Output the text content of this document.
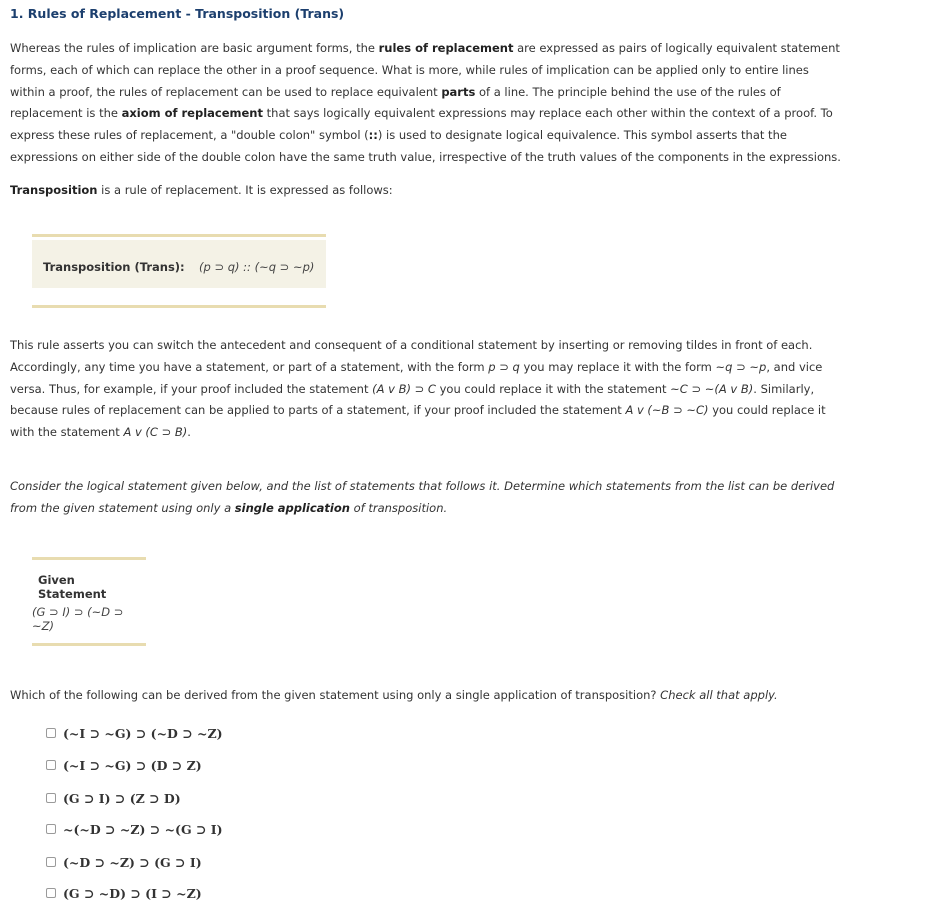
1. Rules of Replacement - Transposition (Trans)

Whereas the rules of implication are basic argument forms, the rules of replacement are expressed as pairs of logically equivalent statement forms, each of which can replace the other in a proof sequence. What is more, while rules of implication can be applied only to entire lines within a proof, the rules of replacement can be used to replace equivalent parts of a line. The principle behind the use of the rules of replacement is the axiom of replacement that says logically equivalent expressions may replace each other within the context of a proof. To express these rules of replacement, a "double colon" symbol (::) is used to designate logical equivalence. This symbol asserts that the expressions on either side of the double colon have the same truth value, irrespective of the truth values of the components in the expressions.

Transposition is a rule of replacement. It is expressed as follows:

Transposition (Trans): (p ⊃ q) :: (~q ⊃ ~p)

This rule asserts you can switch the antecedent and consequent of a conditional statement by inserting or removing tildes in front of each. Accordingly, any time you have a statement, or part of a statement, with the form p ⊃ q you may replace it with the form ~q ⊃ ~p, and vice versa. Thus, for example, if your proof included the statement (A v B) ⊃ C you could replace it with the statement ~C ⊃ ~(A v B). Similarly, because rules of replacement can be applied to parts of a statement, if your proof included the statement A v (~B ⊃ ~C) you could replace it with the statement A v (C ⊃ B).

Consider the logical statement given below, and the list of statements that follows it. Determine which statements from the list can be derived from the given statement using only a single application of transposition.

Given Statement
(G ⊃ I) ⊃ (~D ⊃ ~Z)

Which of the following can be derived from the given statement using only a single application of transposition? Check all that apply.

(~I ⊃ ~G) ⊃ (~D ⊃ ~Z)
(~I ⊃ ~G) ⊃ (D ⊃ Z)
(G ⊃ I) ⊃ (Z ⊃ D)
~(~D ⊃ ~Z) ⊃ ~(G ⊃ I)
(~D ⊃ ~Z) ⊃ (G ⊃ I)
(G ⊃ ~D) ⊃ (I ⊃ ~Z)
